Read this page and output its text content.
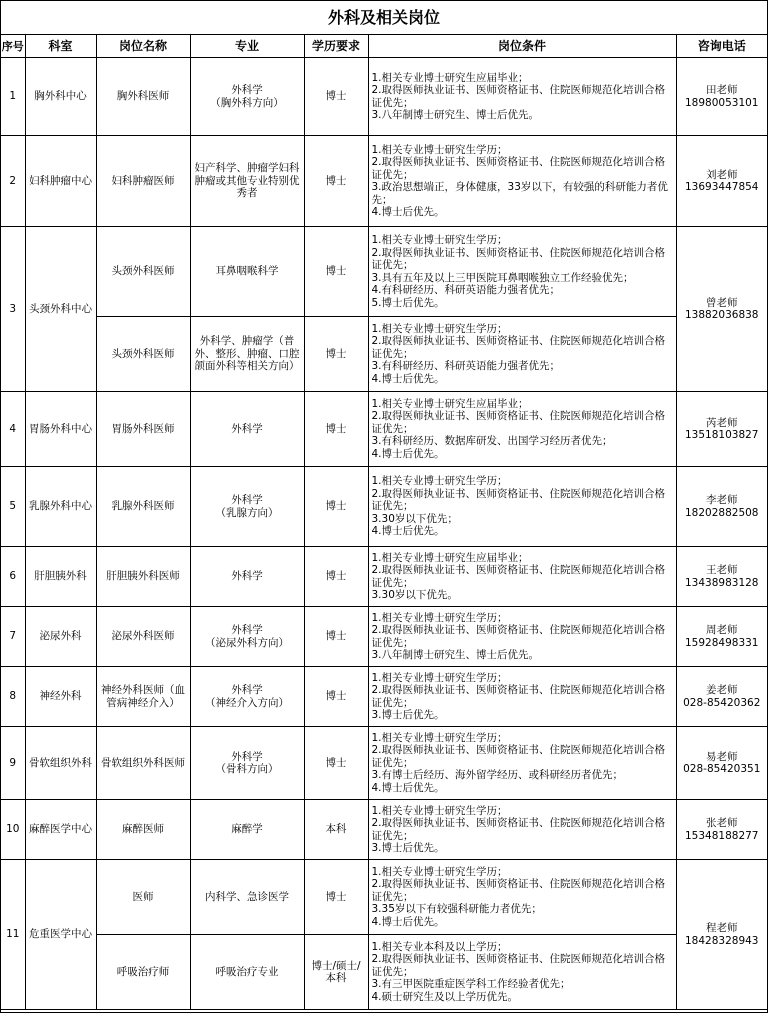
外科及相关岗位
序号	科室	岗位名称	专业	学历要求	岗位条件	咨询电话
1	胸外科中心	胸外科医师	外科学
（胸外科方向）	博士	1.相关专业博士研究生应届毕业；
2.取得医师执业证书、医师资格证书、住院医师规范化培训合格证优先；
3.八年制博士研究生、博士后优先。	田老师
18980053101

2	妇科肿瘤中心	妇科肿瘤医师	妇产科学、肿瘤学妇科肿瘤或其他专业特别优秀者	博士	1.相关专业博士研究生学历；
2.取得医师执业证书、医师资格证书、住院医师规范化培训合格证优先；
3.政治思想端正，身体健康，33岁以下，有较强的科研能力者优先；
4.博士后优先。	刘老师
13693447854

3	头颈外科中心	头颈外科医师	耳鼻咽喉科学	博士	1.相关专业博士研究生学历；
2.取得医师执业证书、医师资格证书、住院医师规范化培训合格证优先；
3.具有五年及以上三甲医院耳鼻咽喉独立工作经验优先；
4.有科研经历、科研英语能力强者优先；
5.博士后优先。	曾老师
13882036838

		头颈外科医师	外科学、肿瘤学（普外、整形、肿瘤、口腔颌面外科等相关方向）	博士	1.相关专业博士研究生学历；
2.取得医师执业证书、医师资格证书、住院医师规范化培训合格证优先；
3.有科研经历、科研英语能力强者优先；
4.博士后优先。	

4	胃肠外科中心	胃肠外科医师	外科学	博士	1.相关专业博士研究生应届毕业；
2.取得医师执业证书、医师资格证书、住院医师规范化培训合格证优先；
3.有科研经历、数据库研发、出国学习经历者优先；
4.博士后优先。	芮老师
13518103827

5	乳腺外科中心	乳腺外科医师	外科学
（乳腺方向）	博士	1.相关专业博士研究生学历；
2.取得医师执业证书、医师资格证书、住院医师规范化培训合格证优先；
3.30岁以下优先；
4.博士后优先。	李老师
18202882508

6	肝胆胰外科	肝胆胰外科医师	外科学	博士	1.相关专业博士研究生应届毕业；
2.取得医师执业证书、医师资格证书、住院医师规范化培训合格证优先；
3.30岁以下优先。	王老师
13438983128

7	泌尿外科	泌尿外科医师	外科学
（泌尿外科方向）	博士	1.相关专业博士研究生学历；
2.取得医师执业证书、医师资格证书、住院医师规范化培训合格证优先；
3.八年制博士研究生、博士后优先。	周老师
15928498331

8	神经外科	神经外科医师（血管病神经介入）	外科学
（神经介入方向）	博士	1.相关专业博士研究生学历；
2.取得医师执业证书、医师资格证书、住院医师规范化培训合格证优先；
3.博士后优先。	姜老师
028-85420362

9	骨软组织外科	骨软组织外科医师	外科学
（骨科方向）	博士	1.相关专业博士研究生学历；
2.取得医师执业证书、医师资格证书、住院医师规范化培训合格证优先；
3.有博士后经历、海外留学经历、或科研经历者优先；
4.博士后优先。	易老师
028-85420351

10	麻醉医学中心	麻醉医师	麻醉学	本科	1.相关专业博士研究生学历；
2.取得医师执业证书、医师资格证书、住院医师规范化培训合格证优先；
3.博士后优先。	张老师
15348188277

11	危重医学中心	医师	内科学、急诊医学	博士	1.相关专业博士研究生学历；
2.取得医师执业证书、医师资格证书、住院医师规范化培训合格证优先；
3.35岁以下有较强科研能力者优先；
4.博士后优先。	程老师
18428328943

		呼吸治疗师	呼吸治疗专业	博士/硕士/本科	1.相关专业本科及以上学历；
2.取得医师执业证书、医师资格证书、住院医师规范化培训合格证优先；
3.有三甲医院重症医学科工作经验者优先；
4.硕士研究生及以上学历优先。	
